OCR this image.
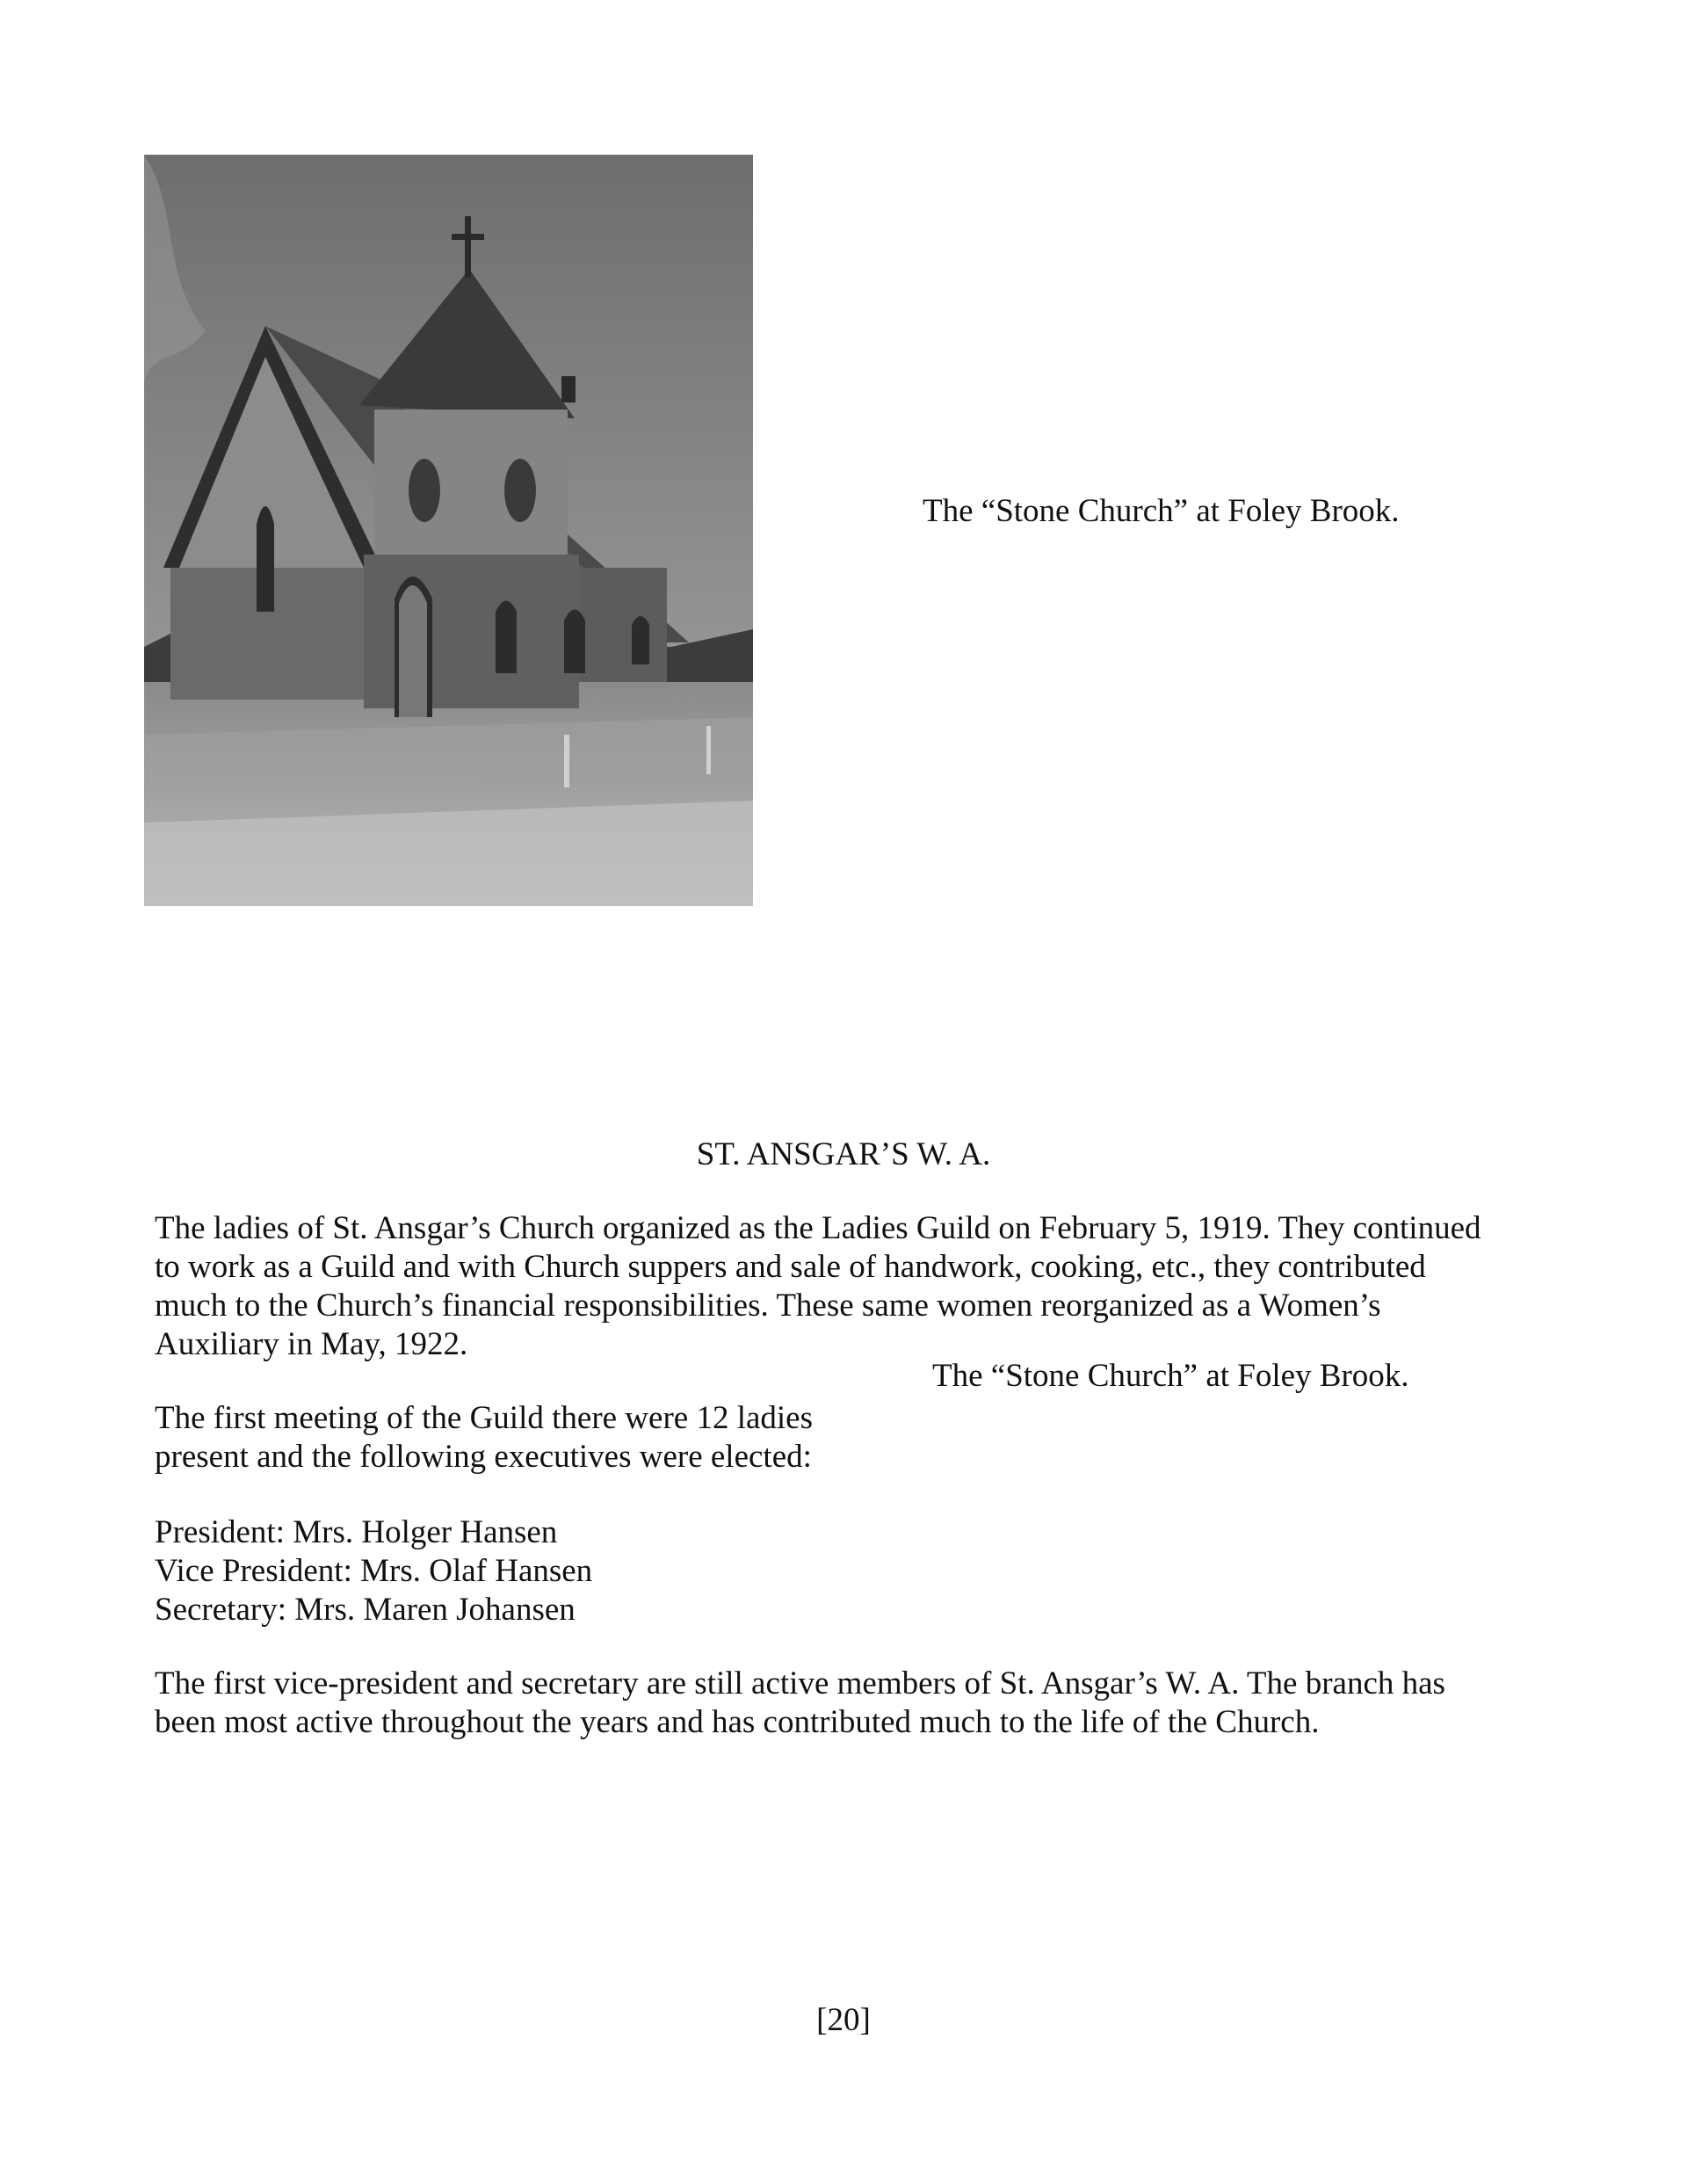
The “Stone Church” at Foley Brook.
ST. ANSGAR’S W. A.

The ladies of St. Ansgar’s Church organized as the Ladies Guild on February 5, 1919. They continued
to work as a Guild and with Church suppers and sale of handwork, cooking, etc., they contributed
much to the Church’s financial responsibilities. These same women reorganized as a Women’s
Auxiliary in May, 1922.

The “Stone Church” at Foley Brook.

The first meeting of the Guild there were 12 ladies
present and the following executives were elected:

President: Mrs. Holger Hansen
Vice President: Mrs. Olaf Hansen
Secretary: Mrs. Maren Johansen

The first vice-president and secretary are still active members of St. Ansgar’s W. A. The branch has
been most active throughout the years and has contributed much to the life of the Church.

[20]
